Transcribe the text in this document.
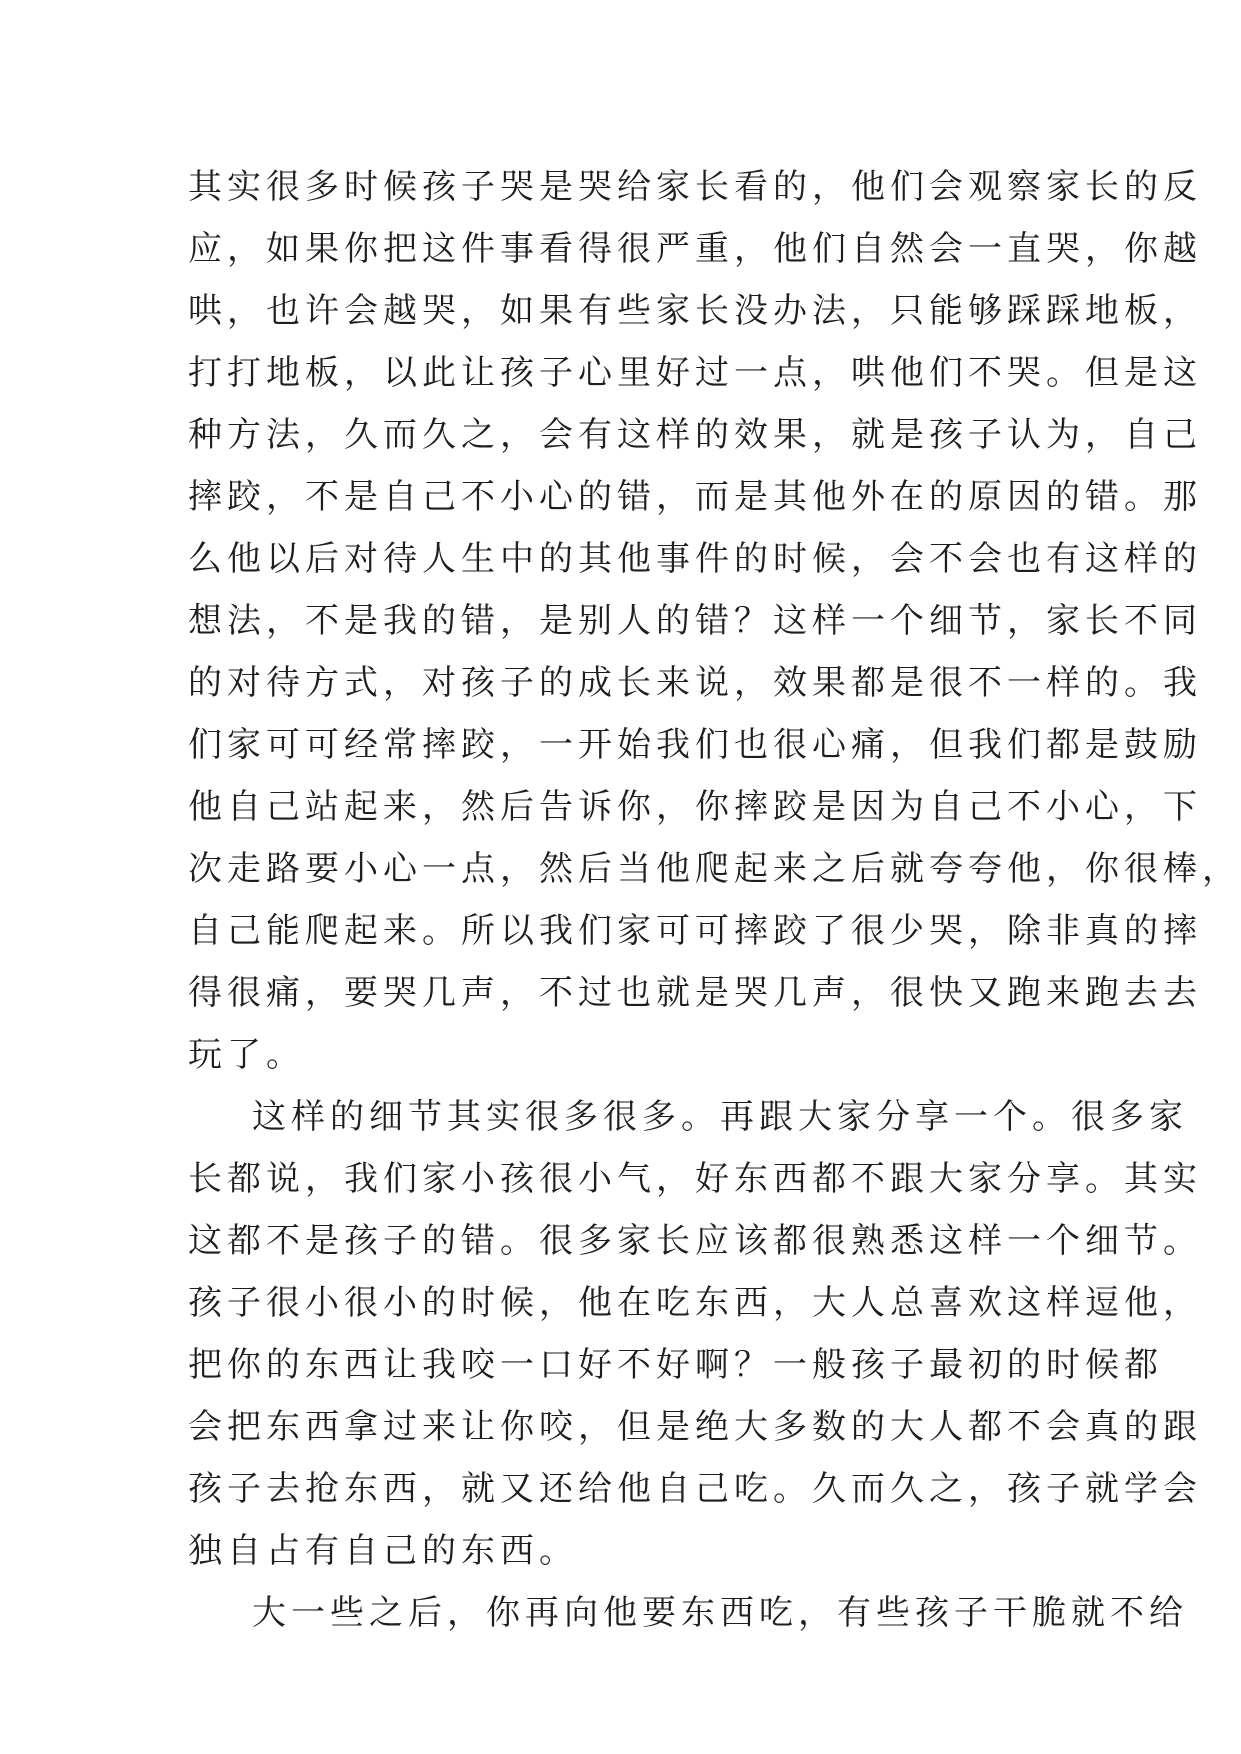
其实很多时候孩子哭是哭给家长看的，他们会观察家长的反
应，如果你把这件事看得很严重，他们自然会一直哭，你越
哄，也许会越哭，如果有些家长没办法，只能够踩踩地板，
打打地板，以此让孩子心里好过一点，哄他们不哭。但是这
种方法，久而久之，会有这样的效果，就是孩子认为，自己
摔跤，不是自己不小心的错，而是其他外在的原因的错。那
么他以后对待人生中的其他事件的时候，会不会也有这样的
想法，不是我的错，是别人的错？这样一个细节，家长不同
的对待方式，对孩子的成长来说，效果都是很不一样的。我
们家可可经常摔跤，一开始我们也很心痛，但我们都是鼓励
他自己站起来，然后告诉你，你摔跤是因为自己不小心，下
次走路要小心一点，然后当他爬起来之后就夸夸他，你很棒，
自己能爬起来。所以我们家可可摔跤了很少哭，除非真的摔
得很痛，要哭几声，不过也就是哭几声，很快又跑来跑去去
玩了。
这样的细节其实很多很多。再跟大家分享一个。很多家
长都说，我们家小孩很小气，好东西都不跟大家分享。其实
这都不是孩子的错。很多家长应该都很熟悉这样一个细节。
孩子很小很小的时候，他在吃东西，大人总喜欢这样逗他，
把你的东西让我咬一口好不好啊？一般孩子最初的时候都
会把东西拿过来让你咬，但是绝大多数的大人都不会真的跟
孩子去抢东西，就又还给他自己吃。久而久之，孩子就学会
独自占有自己的东西。
大一些之后，你再向他要东西吃，有些孩子干脆就不给
